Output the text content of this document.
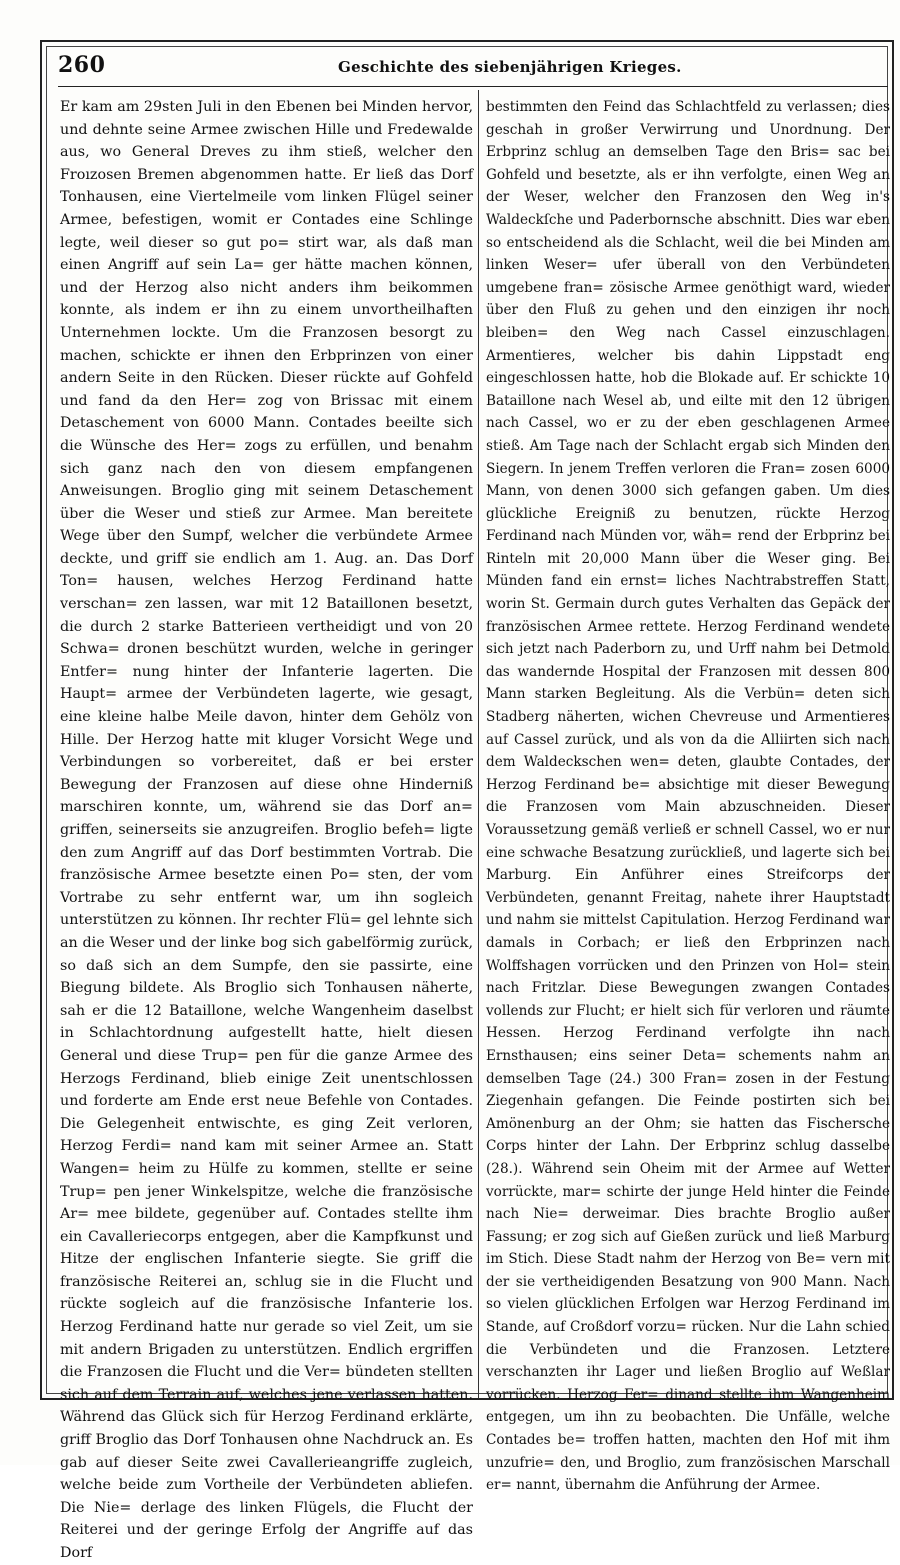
260	Geschichte des siebenjährigen Krieges.

Er kam am 29sten Juli in den Ebenen bei Minden hervor, und dehnte seine Armee zwischen Hille und Fredewalde aus, wo General Dreves zu ihm stieß, welcher den Fr͏o͏ızosen Bremen abgenommen hatte. Er ließ das Dorf Tonhausen, eine Viertelmeile vom linken Flügel seiner Armee, befestigen, womit er Contades eine Schlinge legte, weil dieser so gut po= stirt war, als daß man einen Angriff auf sein La= ger hätte machen können, und der Herzog also nicht anders ihm beikommen konnte, als indem er ihn zu einem unvortheilhaften Unternehmen lockte. Um die Franzosen besorgt zu machen, schickte er ihnen den Erbprinzen von einer andern Seite in den Rücken. Dieser rückte auf Gohfeld und fand da den Her= zog von Brissac mit einem Detaschement von 6000 Mann. Contades beeilte sich die Wünsche des Her= zogs zu erfüllen, und benahm sich ganz nach den von diesem empfangenen Anweisungen. Broglio ging mit seinem Detaschement über die Weser und stieß zur Armee. Man bereitete Wege über den Sumpf, welcher die verbündete Armee deckte, und griff sie endlich am 1. Aug. an. Das Dorf Ton= hausen, welches Herzog Ferdinand hatte verschan= zen lassen, war mit 12 Bataillonen besetzt, die durch 2 starke Batterieen vertheidigt und von 20 Schwa= dronen beschützt wurden, welche in geringer Entfer= nung hinter der Infanterie lagerten. Die Haupt= armee der Verbündeten lagerte, wie gesagt, eine kleine halbe Meile davon, hinter dem Gehölz von Hille. Der Herzog hatte mit kluger Vorsicht Wege und Verbindungen so vorbereitet, daß er bei erster Bewegung der Franzosen auf diese ohne Hinderniß marschiren konnte, um, während sie das Dorf an= griffen, seinerseits sie anzugreifen. Broglio befeh= ligte den zum Angriff auf das Dorf bestimmten Vortrab. Die französische Armee besetzte einen Po= sten, der vom Vortrabe zu sehr entfernt war, um ihn sogleich unterstützen zu können. Ihr rechter Flü= gel lehnte sich an die Weser und der linke bog sich gabelförmig zurück, so daß sich an dem Sumpfe, den sie passirte, eine Biegung bildete. Als Broglio sich Tonhausen näherte, sah er die 12 Bataillone, welche Wangenheim daselbst in Schlachtordnung aufgestellt hatte, hielt diesen General und diese Trup= pen für die ganze Armee des Herzogs Ferdinand, blieb einige Zeit unentschlossen und forderte am Ende erst neue Befehle von Contades. Die Gelegenheit entwischte, es ging Zeit verloren, Herzog Ferdi= nand kam mit seiner Armee an. Statt Wangen= heim zu Hülfe zu kommen, stellte er seine Trup= pen jener Winkelspitze, welche die französische Ar= mee bildete, gegenüber auf. Contades stellte ihm ein Cavalleriecorps entgegen, aber die Kampfkunst und Hitze der englischen Infanterie siegte. Sie griff die französische Reiterei an, schlug sie in die Flucht und rückte sogleich auf die französische Infanterie los. Herzog Ferdinand hatte nur gerade so viel Zeit, um sie mit andern Brigaden zu unterstützen. Endlich ergriffen die Franzosen die Flucht und die Ver= bündeten stellten sich auf dem Terrain auf, welches jene verlassen hatten. Während das Glück sich für Herzog Ferdinand erklärte, griff Broglio das Dorf Tonhausen ohne Nachdruck an. Es gab auf dieser Seite zwei Cavallerieangriffe zugleich, welche beide zum Vortheile der Verbündeten abliefen. Die Nie= derlage des linken Flügels, die Flucht der Reiterei und der geringe Erfolg der Angriffe auf das Dorf

bestimmten den Feind das Schlachtfeld zu verlassen; dies geschah in großer Verwirrung und Unordnung. Der Erbprinz schlug an demselben Tage den Bris= sac bei Gohfeld und besetzte, als er ihn verfolgte, einen Weg an der Weser, welcher den Franzosen den Weg in's Waldeckſche und Paderbornsche abschnitt. Dies war eben so entscheidend als die Schlacht, weil die bei Minden am linken Weser= ufer überall von den Verbündeten umgebene fran= zösische Armee genöthigt ward, wieder über den Fluß zu gehen und den einzigen ihr noch bleiben= den Weg nach Cassel einzuschlagen. Armentieres, welcher bis dahin Lippstadt eng eingeschlossen hatte, hob die Blokade auf. Er schickte 10 Bataillone nach Wesel ab, und eilte mit den 12 übrigen nach Cassel, wo er zu der eben geschlagenen Armee stieß. Am Tage nach der Schlacht ergab sich Minden den Siegern. In jenem Treffen verloren die Fran= zosen 6000 Mann, von denen 3000 sich gefangen gaben. Um dies glückliche Ereigniß zu benutzen, rückte Herzog Ferdinand nach Münden vor, wäh= rend der Erbprinz bei Rinteln mit 20,000 Mann über die Weser ging. Bei Münden fand ein ernst= liches Nachtrabstreffen Statt, worin St. Germain durch gutes Verhalten das Gepäck der französischen Armee rettete. Herzog Ferdinand wendete sich jetzt nach Paderborn zu, und Urff nahm bei Detmold das wandernde Hospital der Franzosen mit dessen 800 Mann starken Begleitung. Als die Verbün= deten sich Stadberg näherten, wichen Chevreuse und Armentieres auf Cassel zurück, und als von da die Alliirten sich nach dem Waldeckschen wen= deten, glaubte Contades, der Herzog Ferdinand be= absichtige mit dieser Bewegung die Franzosen vom Main abzuschneiden. Dieser Voraussetzung gemäß verließ er schnell Cassel, wo er nur eine schwache Besatzung zurückließ, und lagerte sich bei Marburg. Ein Anführer eines Streifcorps der Verbündeten, genannt Freitag, nahete ihrer Hauptstadt und nahm sie mittelst Capitulation. Herzog Ferdinand war damals in Corbach; er ließ den Erbprinzen nach Wolffshagen vorrücken und den Prinzen von Hol= stein nach Fritzlar. Diese Bewegungen zwangen Contades vollends zur Flucht; er hielt sich für verloren und räumte Hessen. Herzog Ferdinand verfolgte ihn nach Ernsthausen; eins seiner Deta= schements nahm an demselben Tage (24.) 300 Fran= zosen in der Festung Ziegenhain gefangen. Die Feinde postirten sich bei Amönenburg an der Ohm; sie hatten das Fischersche Corps hinter der Lahn. Der Erbprinz schlug dasselbe (28.). Während sein Oheim mit der Armee auf Wetter vorrückte, mar= schirte der junge Held hinter die Feinde nach Nie= derweimar. Dies brachte Broglio außer Fassung; er zog sich auf Gießen zurück und ließ Marburg im Stich. Diese Stadt nahm der Herzog von Be= vern mit der sie vertheidigenden Besatzung von 900 Mann. Nach so vielen glücklichen Erfolgen war Herzog Ferdinand im Stande, auf Croßdorf vorzu= rücken. Nur die Lahn schied die Verbündeten und die Franzosen. Letztere verschanzten ihr Lager und ließen Broglio auf Weßlar vorrücken. Herzog Fer= dinand stellte ihm Wangenheim entgegen, um ihn zu beobachten. Die Unfälle, welche Contades be= troffen hatten, machten den Hof mit ihm unzufrie= den, und Broglio, zum französischen Marschall er= nannt, übernahm die Anführung der Armee.
